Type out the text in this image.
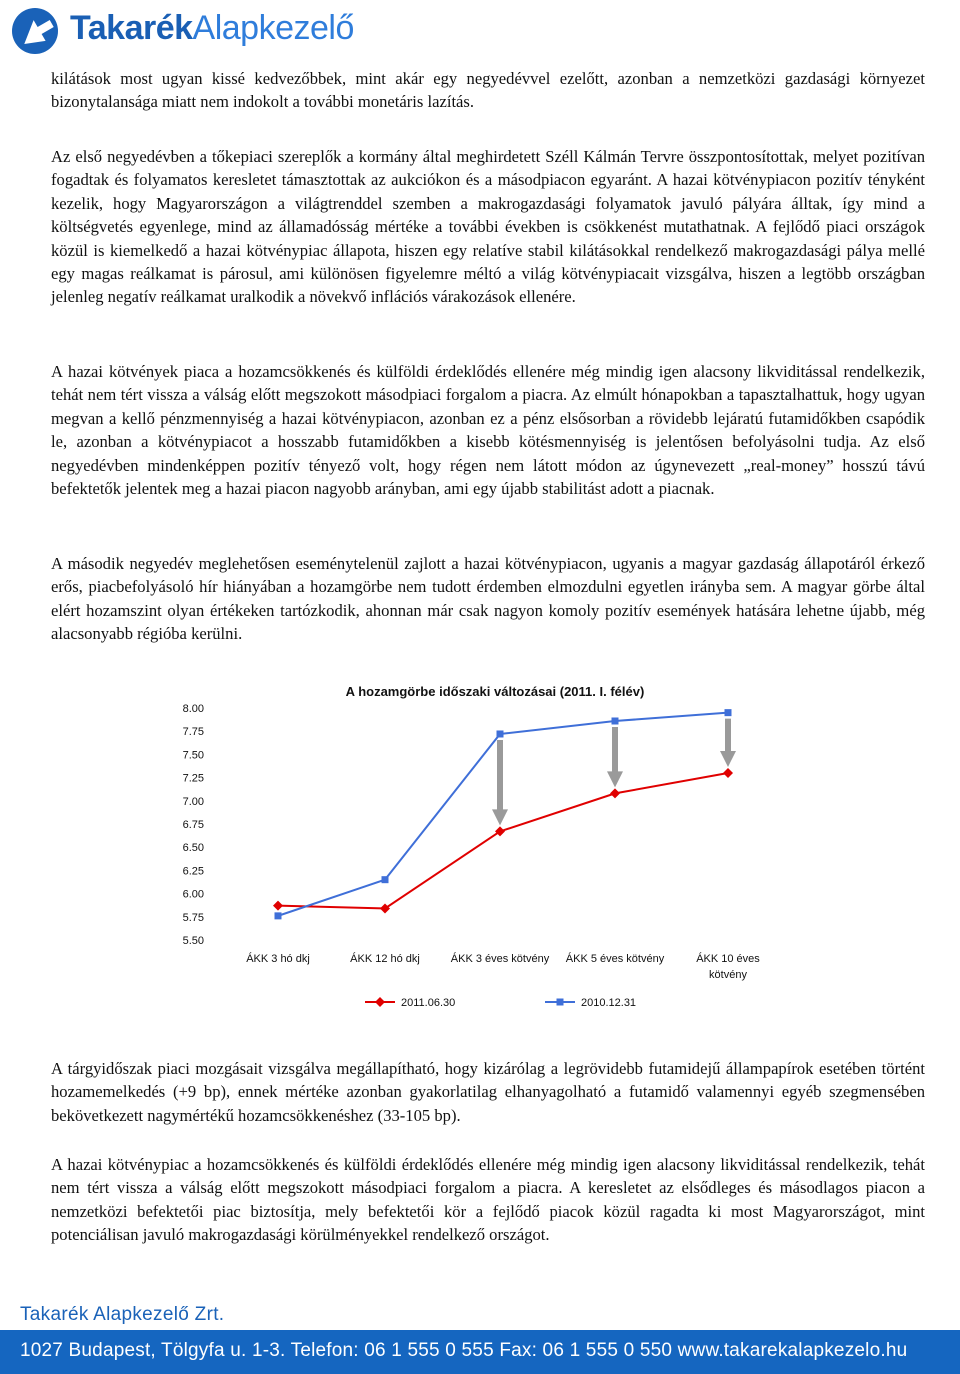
TakarékAlapkezelő

kilátások most ugyan kissé kedvezőbbek, mint akár egy negyedévvel ezelőtt, azonban a nemzetközi gazdasági környezet bizonytalansága miatt nem indokolt a további monetáris lazítás.

Az első negyedévben a tőkepiaci szereplők a kormány által meghirdetett Széll Kálmán Tervre összpontosítottak, melyet pozitívan fogadtak és folyamatos keresletet támasztottak az aukciókon és a másodpiacon egyaránt. A hazai kötvénypiacon pozitív tényként kezelik, hogy Magyarországon a világtrenddel szemben a makrogazdasági folyamatok javuló pályára álltak, így mind a költségvetés egyenlege, mind az államadósság mértéke a további években is csökkenést mutathatnak. A fejlődő piaci országok közül is kiemelkedő a hazai kötvénypiac állapota, hiszen egy relatíve stabil kilátásokkal rendelkező makrogazdasági pálya mellé egy magas reálkamat is párosul, ami különösen figyelemre méltó a világ kötvénypiacait vizsgálva, hiszen a legtöbb országban jelenleg negatív reálkamat uralkodik a növekvő inflációs várakozások ellenére.

A hazai kötvények piaca a hozamcsökkenés és külföldi érdeklődés ellenére még mindig igen alacsony likviditással rendelkezik, tehát nem tért vissza a válság előtt megszokott másodpiaci forgalom a piacra. Az elmúlt hónapokban a tapasztalhattuk, hogy ugyan megvan a kellő pénzmennyiség a hazai kötvénypiacon, azonban ez a pénz elsősorban a rövidebb lejáratú futamidőkben csapódik le, azonban a kötvénypiacot a hosszabb futamidőkben a kisebb kötésmennyiség is jelentősen befolyásolni tudja. Az első negyedévben mindenképpen pozitív tényező volt, hogy régen nem látott módon az úgynevezett „real-money” hosszú távú befektetők jelentek meg a hazai piacon nagyobb arányban, ami egy újabb stabilitást adott a piacnak.

A második negyedév meglehetősen eseménytelenül zajlott a hazai kötvénypiacon, ugyanis a magyar gazdaság állapotáról érkező erős, piacbefolyásoló hír hiányában a hozamgörbe nem tudott érdemben elmozdulni egyetlen irányba sem. A magyar görbe által elért hozamszint olyan értékeken tartózkodik, ahonnan már csak nagyon komoly pozitív események hatására lehetne újabb, még alacsonyabb régióba kerülni.

A hozamgörbe időszaki változásai (2011. I. félév)
8.00
7.75
7.50
7.25
7.00
6.75
6.50
6.25
6.00
5.75
5.50
ÁKK 3 hó dkj	ÁKK 12 hó dkj	ÁKK 3 éves kötvény ÁKK 5 éves kötvény	ÁKK 10 éves kötvény
2011.06.30	2010.12.31

A tárgyidőszak piaci mozgásait vizsgálva megállapítható, hogy kizárólag a legrövidebb futamidejű állampapírok esetében történt hozamemelkedés (+9 bp), ennek mértéke azonban gyakorlatilag elhanyagolható a futamidő valamennyi egyéb szegmensében bekövetkezett nagymértékű hozamcsökkenéshez (33-105 bp).

A hazai kötvénypiac a hozamcsökkenés és külföldi érdeklődés ellenére még mindig igen alacsony likviditással rendelkezik, tehát nem tért vissza a válság előtt megszokott másodpiaci forgalom a piacra. A keresletet az elsődleges és másodlagos piacon a nemzetközi befektetői piac biztosítja, mely befektetői kör a fejlődő piacok közül ragadta ki most Magyarországot, mint potenciálisan javuló makrogazdasági körülményekkel rendelkező országot.

Takarék Alapkezelő Zrt.
1027 Budapest, Tölgyfa u. 1-3. Telefon: 06 1 555 0 555 Fax: 06 1 555 0 550 www.takarekalapkezelo.hu
